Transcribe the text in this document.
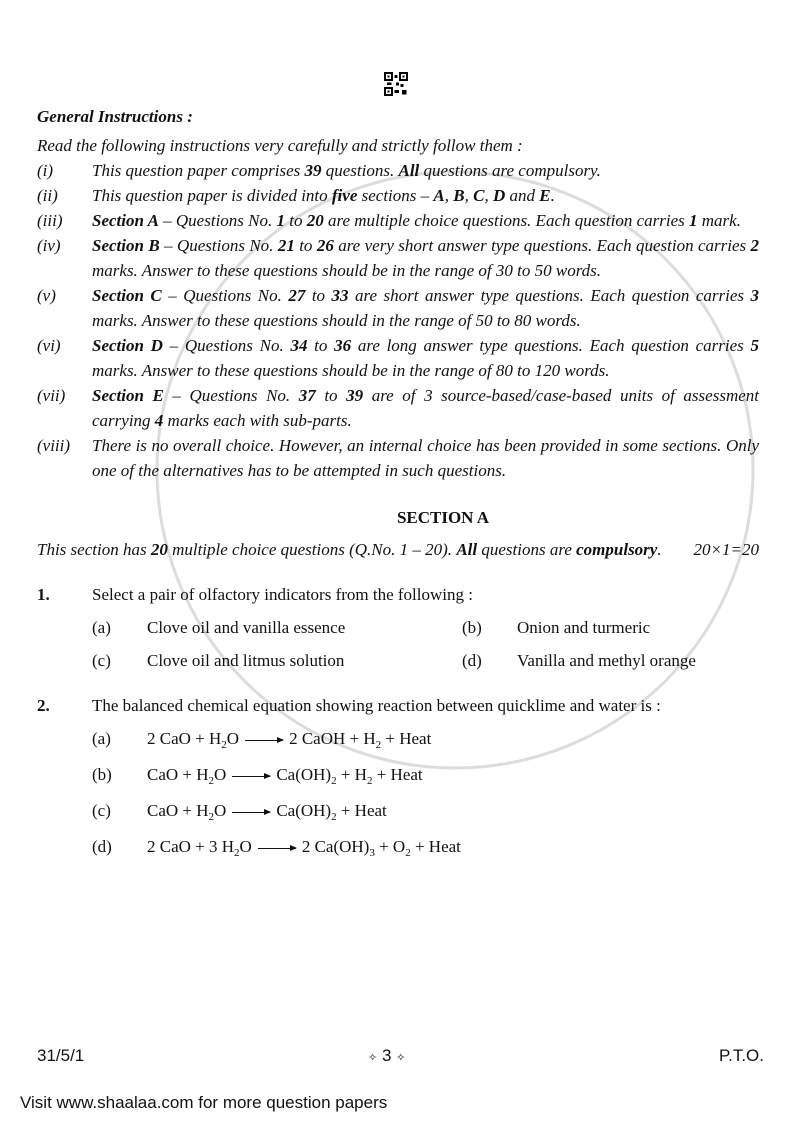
General Instructions :
Read the following instructions very carefully and strictly follow them :
(i)	This question paper comprises 39 questions. All questions are compulsory.
(ii)	This question paper is divided into five sections – A, B, C, D and E.
(iii)	Section A – Questions No. 1 to 20 are multiple choice questions. Each question carries 1 mark.
(iv)	Section B – Questions No. 21 to 26 are very short answer type questions. Each question carries 2 marks. Answer to these questions should be in the range of 30 to 50 words.
(v)	Section C – Questions No. 27 to 33 are short answer type questions. Each question carries 3 marks. Answer to these questions should in the range of 50 to 80 words.
(vi)	Section D – Questions No. 34 to 36 are long answer type questions. Each question carries 5 marks. Answer to these questions should be in the range of 80 to 120 words.
(vii)	Section E – Questions No. 37 to 39 are of 3 source-based/case-based units of assessment carrying 4 marks each with sub-parts.
(viii)	There is no overall choice. However, an internal choice has been provided in some sections. Only one of the alternatives has to be attempted in such questions.
SECTION A
This section has 20 multiple choice questions (Q.No. 1 – 20). All questions are compulsory. 20×1=20
1.	Select a pair of olfactory indicators from the following :
(a)	Clove oil and vanilla essence	(b)	Onion and turmeric
(c)	Clove oil and litmus solution	(d)	Vanilla and methyl orange
2.	The balanced chemical equation showing reaction between quicklime and water is :
(a)	2 CaO + $H_2O$	2 CaOH + $H_2$ + Heat
(b)	CaO + $H_2O$	$Ca(OH)_2 + H_2$ + Heat
(c)	CaO + $H_2O$	$Ca(OH)_2$ + Heat
(d)	2 CaO + 3 $H_2O$	2 $Ca(OH)_3 + O_2$ + Heat
31/5/1	✧ 3 ✧	P.T.O.
Visit www.shaalaa.com for more question papers
